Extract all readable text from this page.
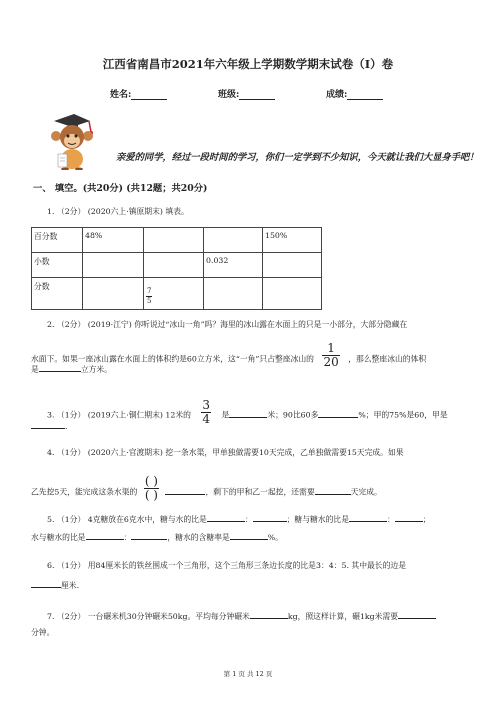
江西省南昌市2021年六年级上学期数学期末试卷（I）卷
姓名:	班级:	成绩:
亲爱的同学，经过一段时间的学习，你们一定学到不少知识，今天就让我们大显身手吧！
一、 填空。(共20分) (共12题；共20分)
1. （2分） (2020六上·镇原期末) 填表。
百分数	48%			150%
小数			0.032	
分数		$\frac{7}{5}$

2. （2分） (2019·江宁) 你听说过“冰山一角”吗？海里的冰山露在水面上的只是一小部分，大部分隐藏在
水面下。如果一座冰山露在水面上的体积约是60立方米，这“一角”只占整座冰山的 $\frac{1}{20}$ ，那么整座冰山的体积
是	立方米。
3. （1分） (2019六上·铜仁期末) 12米的 $\frac{3}{4}$ 是	米；90比60多	%；甲的75%是60，甲是
.
4. （1分） (2020六上·官渡期末) 挖一条水渠，甲单独做需要10天完成，乙单独做需要15天完成。如果
乙先挖5天，能完成这条水渠的 $\frac{( )}{( )}$	，剩下的甲和乙一起挖，还需要	天完成。
5. （1分） 4克糖放在6克水中，糖与水的比是	：	；糖与糖水的比是	：	；
水与糖水的比是	：	，糖水的含糖率是	%。
6. （1分） 用84厘米长的铁丝围成一个三角形，这个三角形三条边长度的比是3：4：5. 其中最长的边是
厘米.
7. （2分） 一台碾米机30分钟碾米50kg。平均每分钟碾米	kg，照这样计算，碾1kg米需要
分钟。
第 1 页 共 12 页
